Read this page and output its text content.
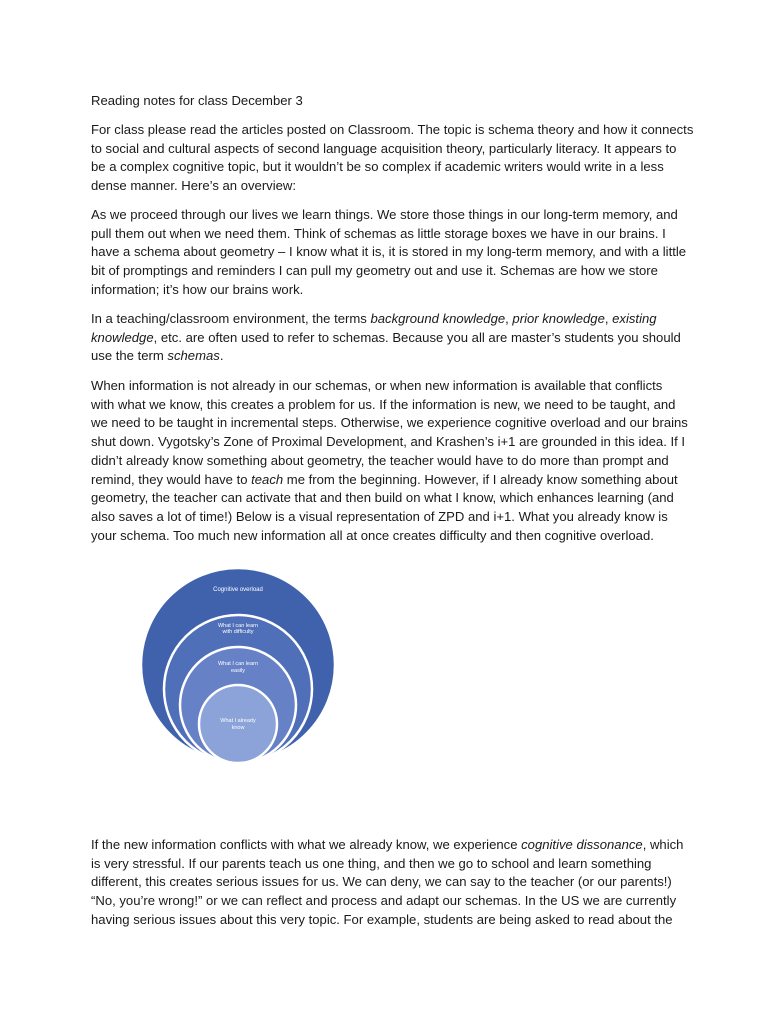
Reading notes for class December 3
For class please read the articles posted on Classroom. The topic is schema theory and how it connects
to social and cultural aspects of second language acquisition theory, particularly literacy. It appears to
be a complex cognitive topic, but it wouldn’t be so complex if academic writers would write in a less
dense manner. Here’s an overview:
As we proceed through our lives we learn things. We store those things in our long-term memory, and
pull them out when we need them. Think of schemas as little storage boxes we have in our brains. I
have a schema about geometry – I know what it is, it is stored in my long-term memory, and with a little
bit of promptings and reminders I can pull my geometry out and use it. Schemas are how we store
information; it’s how our brains work.
In a teaching/classroom environment, the terms background knowledge, prior knowledge, existing
knowledge, etc. are often used to refer to schemas. Because you all are master’s students you should
use the term schemas.
When information is not already in our schemas, or when new information is available that conflicts
with what we know, this creates a problem for us. If the information is new, we need to be taught, and
we need to be taught in incremental steps. Otherwise, we experience cognitive overload and our brains
shut down. Vygotsky’s Zone of Proximal Development, and Krashen’s i+1 are grounded in this idea. If I
didn’t already know something about geometry, the teacher would have to do more than prompt and
remind, they would have to teach me from the beginning. However, if I already know something about
geometry, the teacher can activate that and then build on what I know, which enhances learning (and
also saves a lot of time!) Below is a visual representation of ZPD and i+1. What you already know is
your schema. Too much new information all at once creates difficulty and then cognitive overload.
Cognitive overload
What I can learn
with difficulty
What I can learn
easily
What I already
know
If the new information conflicts with what we already know, we experience cognitive dissonance, which
is very stressful. If our parents teach us one thing, and then we go to school and learn something
different, this creates serious issues for us. We can deny, we can say to the teacher (or our parents!)
“No, you’re wrong!” or we can reflect and process and adapt our schemas. In the US we are currently
having serious issues about this very topic. For example, students are being asked to read about the
